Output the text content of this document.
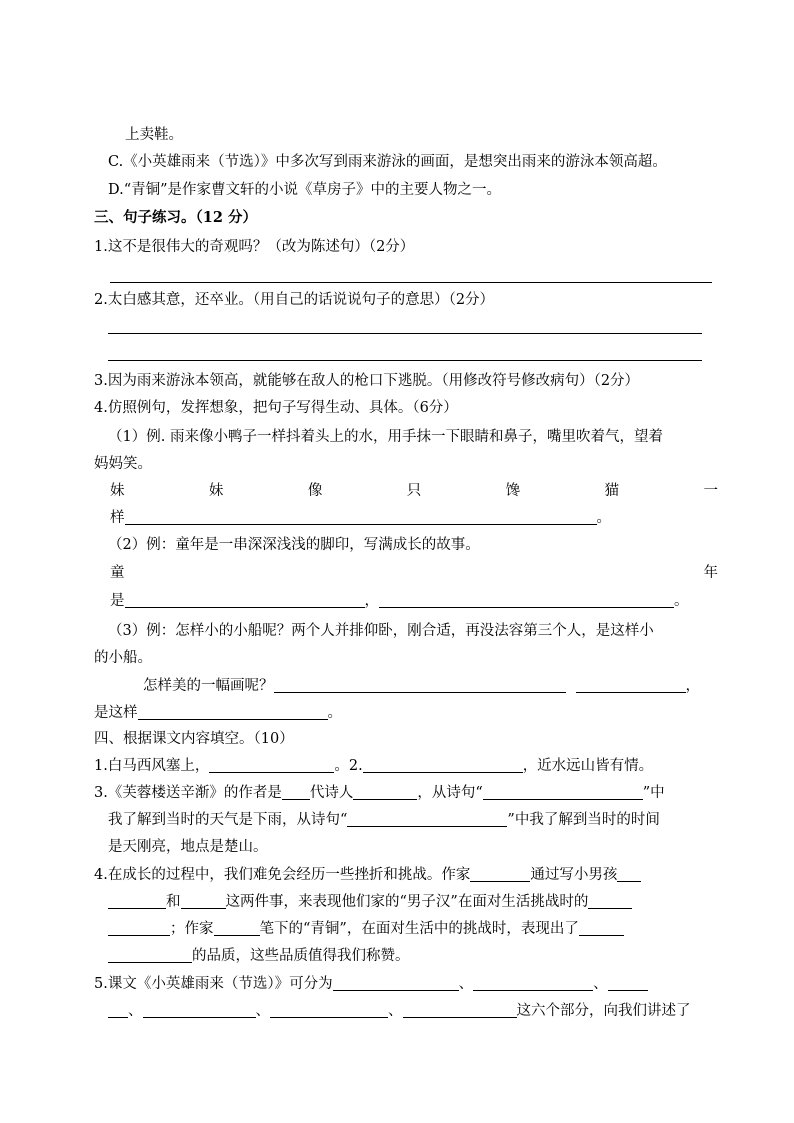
上卖鞋。
C.《小英雄雨来（节选）》中多次写到雨来游泳的画面，是想突出雨来的游泳本领高超。
D.“青铜”是作家曹文轩的小说《草房子》中的主要人物之一。
三、句子练习。（12 分）
1.这不是很伟大的奇观吗？（改为陈述句）（2分）
2.太白感其意，还卒业。（用自己的话说说句子的意思）（2分）
3.因为雨来游泳本领高，就能够在敌人的枪口下逃脱。（用修改符号修改病句）（2分）
4.仿照例句，发挥想象，把句子写得生动、具体。（6分）
（1）例. 雨来像小鸭子一样抖着头上的水，用手抹一下眼睛和鼻子，嘴里吹着气，望着
妈妈笑。
妹	妹	像	只	馋	猫	一
样	。
（2）例：童年是一串深深浅浅的脚印，写满成长的故事。
童	年
是	，	。
（3）例：怎样小的小船呢？两个人并排仰卧，刚合适，再没法容第三个人，是这样小
的小船。
怎样美的一幅画呢？	，
是这样	。
四、根据课文内容填空。（10）
1.白马西风塞上，	。2.	，近水远山皆有情。
3.《芙蓉楼送辛渐》的作者是 代诗人	，从诗句“	”中
我了解到当时的天气是下雨，从诗句“	”中我了解到当时的时间
是天刚亮，地点是楚山。
4.在成长的过程中，我们难免会经历一些挫折和挑战。作家	通过写小男孩
和	这两件事，来表现他们家的“男子汉”在面对生活挑战时的
；作家	笔下的“青铜”，在面对生活中的挑战时，表现出了
的品质，这些品质值得我们称赞。
5.课文《小英雄雨来（节选）》可分为	、	、
、	、	、	这六个部分，向我们讲述了
